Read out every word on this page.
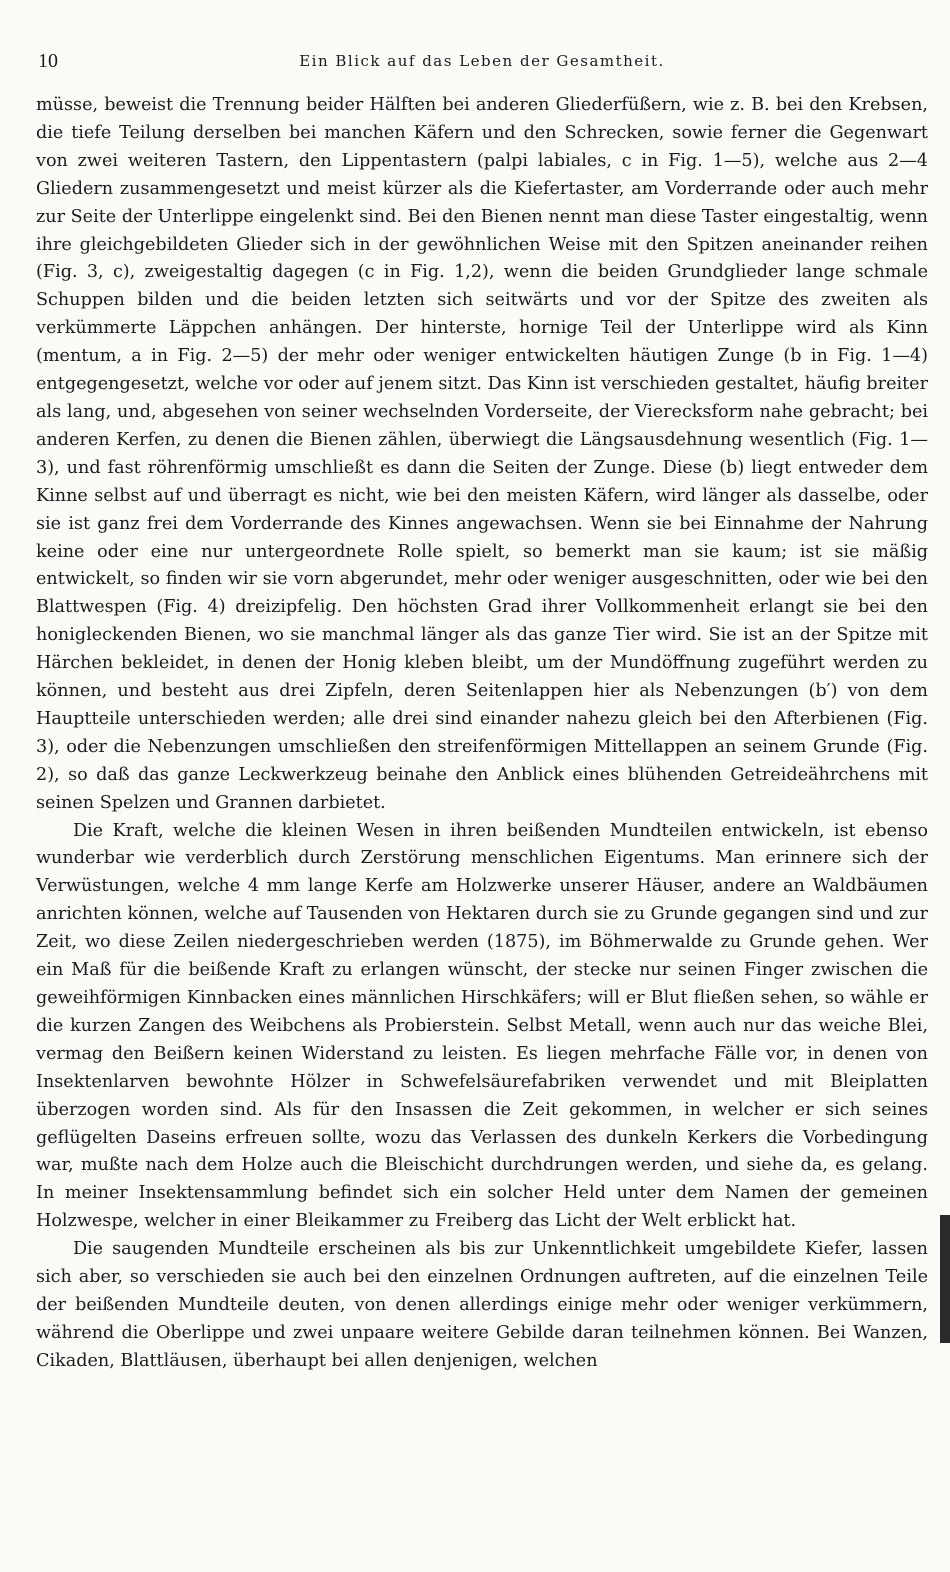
10	Ein Blick auf das Leben der Gesamtheit.

müsse, beweist die Trennung beider Hälften bei anderen Gliederfüßern, wie z. B. bei den Krebsen, die tiefe Teilung derselben bei manchen Käfern und den Schrecken, sowie ferner die Gegenwart von zwei weiteren Tastern, den Lippentastern (palpi labiales, c in Fig. 1—5), welche aus 2—4 Gliedern zusammengesetzt und meist kürzer als die Kiefertaster, am Vorderrande oder auch mehr zur Seite der Unterlippe eingelenkt sind. Bei den Bienen nennt man diese Taster eingestaltig, wenn ihre gleichgebildeten Glieder sich in der gewöhnlichen Weise mit den Spitzen aneinander reihen (Fig. 3, c), zweigestaltig dagegen (c in Fig. 1,2), wenn die beiden Grundglieder lange schmale Schuppen bilden und die beiden letzten sich seitwärts und vor der Spitze des zweiten als verkümmerte Läppchen anhängen. Der hinterste, hornige Teil der Unterlippe wird als Kinn (mentum, a in Fig. 2—5) der mehr oder weniger entwickelten häutigen Zunge (b in Fig. 1—4) entgegengesetzt, welche vor oder auf jenem sitzt. Das Kinn ist verschieden gestaltet, häufig breiter als lang, und, abgesehen von seiner wechselnden Vorderseite, der Vierecksform nahe gebracht; bei anderen Kerfen, zu denen die Bienen zählen, überwiegt die Längsausdehnung wesentlich (Fig. 1—3), und fast röhrenförmig umschließt es dann die Seiten der Zunge. Diese (b) liegt entweder dem Kinne selbst auf und überragt es nicht, wie bei den meisten Käfern, wird länger als dasselbe, oder sie ist ganz frei dem Vorderrande des Kinnes angewachsen. Wenn sie bei Einnahme der Nahrung keine oder eine nur untergeordnete Rolle spielt, so bemerkt man sie kaum; ist sie mäßig entwickelt, so finden wir sie vorn abgerundet, mehr oder weniger ausgeschnitten, oder wie bei den Blattwespen (Fig. 4) dreizipfelig. Den höchsten Grad ihrer Vollkommenheit erlangt sie bei den honigleckenden Bienen, wo sie manchmal länger als das ganze Tier wird. Sie ist an der Spitze mit Härchen bekleidet, in denen der Honig kleben bleibt, um der Mundöffnung zugeführt werden zu können, und besteht aus drei Zipfeln, deren Seitenlappen hier als Nebenzungen (b′) von dem Hauptteile unterschieden werden; alle drei sind einander nahezu gleich bei den Afterbienen (Fig. 3), oder die Nebenzungen umschließen den streifenförmigen Mittellappen an seinem Grunde (Fig. 2), so daß das ganze Leckwerkzeug beinahe den Anblick eines blühenden Getreideährchens mit seinen Spelzen und Grannen darbietet.

Die Kraft, welche die kleinen Wesen in ihren beißenden Mundteilen entwickeln, ist ebenso wunderbar wie verderblich durch Zerstörung menschlichen Eigentums. Man erinnere sich der Verwüstungen, welche 4 mm lange Kerfe am Holzwerke unserer Häuser, andere an Waldbäumen anrichten können, welche auf Tausenden von Hektaren durch sie zu Grunde gegangen sind und zur Zeit, wo diese Zeilen niedergeschrieben werden (1875), im Böhmerwalde zu Grunde gehen. Wer ein Maß für die beißende Kraft zu erlangen wünscht, der stecke nur seinen Finger zwischen die geweihförmigen Kinnbacken eines männlichen Hirschkäfers; will er Blut fließen sehen, so wähle er die kurzen Zangen des Weibchens als Probierstein. Selbst Metall, wenn auch nur das weiche Blei, vermag den Beißern keinen Widerstand zu leisten. Es liegen mehrfache Fälle vor, in denen von Insektenlarven bewohnte Hölzer in Schwefelsäurefabriken verwendet und mit Bleiplatten überzogen worden sind. Als für den Insassen die Zeit gekommen, in welcher er sich seines geflügelten Daseins erfreuen sollte, wozu das Verlassen des dunkeln Kerkers die Vorbedingung war, mußte nach dem Holze auch die Bleischicht durchdrungen werden, und siehe da, es gelang. In meiner Insektensammlung befindet sich ein solcher Held unter dem Namen der gemeinen Holzwespe, welcher in einer Bleikammer zu Freiberg das Licht der Welt erblickt hat.

Die saugenden Mundteile erscheinen als bis zur Unkenntlichkeit umgebildete Kiefer, lassen sich aber, so verschieden sie auch bei den einzelnen Ordnungen auftreten, auf die einzelnen Teile der beißenden Mundteile deuten, von denen allerdings einige mehr oder weniger verkümmern, während die Oberlippe und zwei unpaare weitere Gebilde daran teilnehmen können. Bei Wanzen, Cikaden, Blattläusen, überhaupt bei allen denjenigen, welchen
